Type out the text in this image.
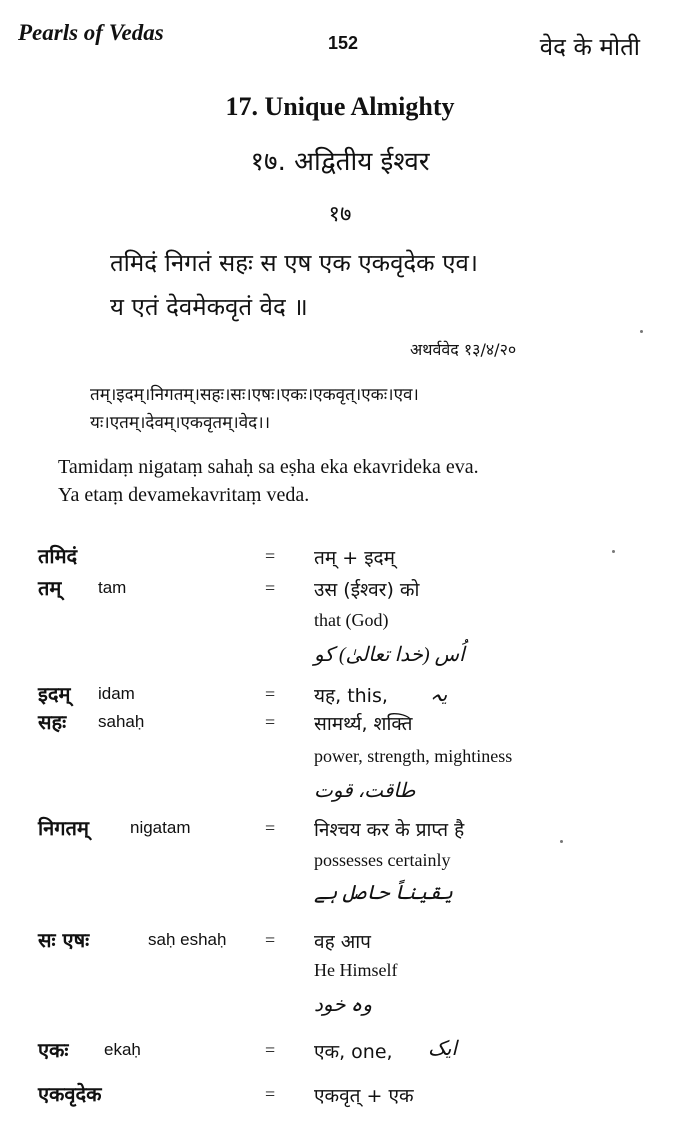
Pearls of Vedas	152	वेद के मोती
17. Unique Almighty
१७. अद्वितीय ईश्वर
१७
तमिदं निगतं सहः स एष एक एकवृदेक एव।
य एतं देवमेकवृतं वेद ॥
अथर्ववेद १३/४/२०
तम्।इदम्।निगतम्।सहः।सः।एषः।एकः।एकवृत्।एकः।एव।
यः।एतम्।देवम्।एकवृतम्।वेद।।
Tamidaṃ nigataṃ sahaḥ sa eṣha eka ekavrideka eva.
Ya etaṃ devamekavritaṃ veda.
तमिदं	= तम् + इदम्
तम् tam	= उस (ईश्वर) को
that (God)
اُس (خدا تعالیٰ) کو
इदम् idam	= यह, this, یہ
सहः sahaḥ	= सामर्थ्य, शक्ति
power, strength, mightiness
طاقت، قوت
निगतम् nigatam	= निश्चय कर के प्राप्त है
possesses certainly
یقیناً حاصل ہے
सः एषः	saḥ eshaḥ = वह आप
He Himself
وہ خود
एकः ekaḥ	= एक, one, ایک
एकवृदेक	= एकवृत् + एक
